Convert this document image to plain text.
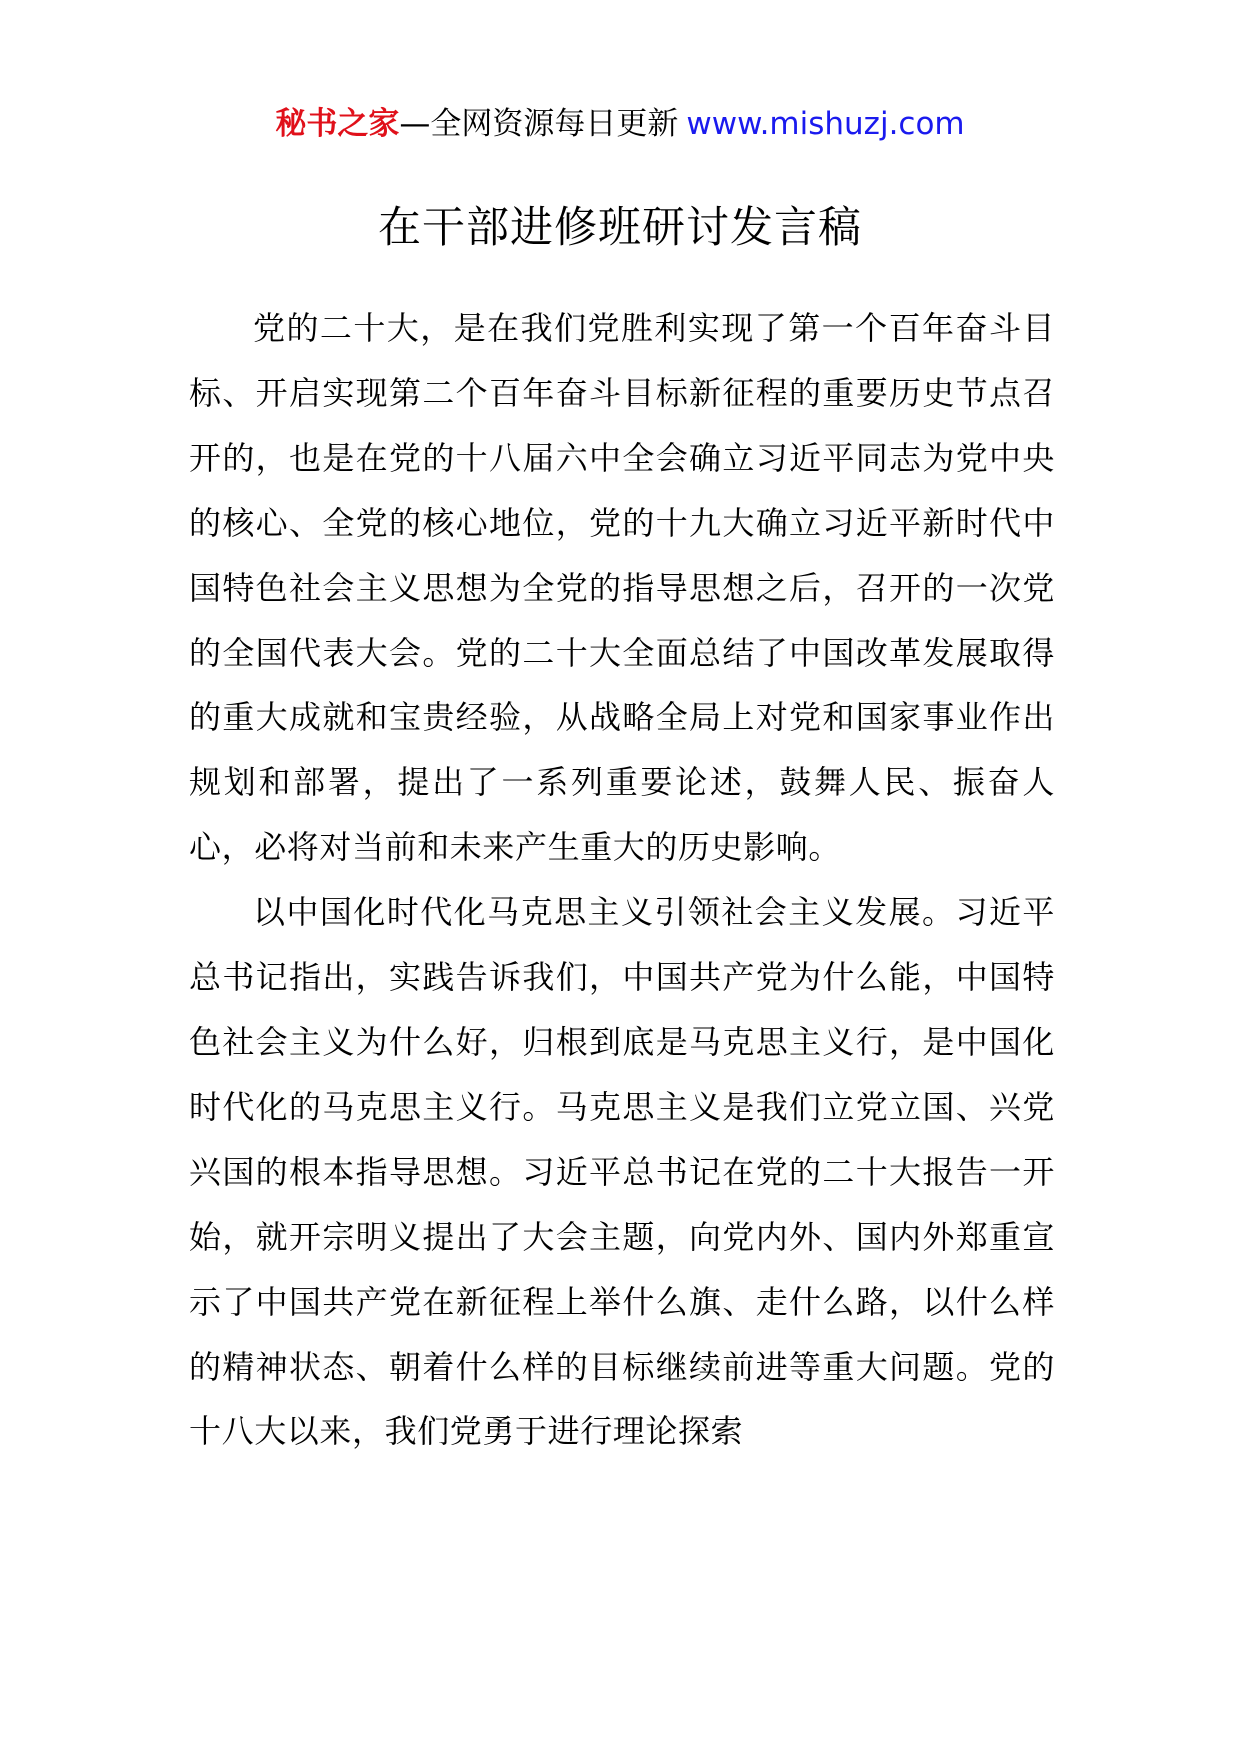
秘书之家—全网资源每日更新 www.mishuzj.com
在干部进修班研讨发言稿

党的二十大，是在我们党胜利实现了第一个百年奋斗目标、开启实现第二个百年奋斗目标新征程的重要历史节点召开的，也是在党的十八届六中全会确立习近平同志为党中央的核心、全党的核心地位，党的十九大确立习近平新时代中国特色社会主义思想为全党的指导思想之后，召开的一次党的全国代表大会。党的二十大全面总结了中国改革发展取得的重大成就和宝贵经验，从战略全局上对党和国家事业作出规划和部署，提出了一系列重要论述，鼓舞人民、振奋人心，必将对当前和未来产生重大的历史影响。

以中国化时代化马克思主义引领社会主义发展。习近平总书记指出，实践告诉我们，中国共产党为什么能，中国特色社会主义为什么好，归根到底是马克思主义行，是中国化时代化的马克思主义行。马克思主义是我们立党立国、兴党兴国的根本指导思想。习近平总书记在党的二十大报告一开始，就开宗明义提出了大会主题，向党内外、国内外郑重宣示了中国共产党在新征程上举什么旗、走什么路，以什么样的精神状态、朝着什么样的目标继续前进等重大问题。党的十八大以来，我们党勇于进行理论探索
